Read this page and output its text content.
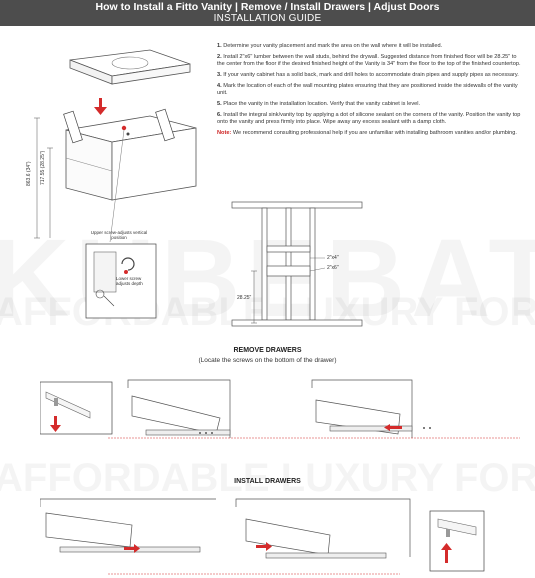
How to Install a Fitto Vanity | Remove / Install Drawers | Adjust Doors
INSTALLATION GUIDE
863.6 (34") 717.55 (28.25")
Upper screw-adjusts vertical position
Lower screw adjusts depth

1. Determine your vanity placement and mark the area on the wall where it will be installed.

2. Install 2"x6" lumber between the wall studs, behind the drywall. Suggested distance from finished floor will be 28.25" to the center from the floor if the desired finished height of the Vanity is 34" from the floor to the top of the finished countertop.

3. If your vanity cabinet has a solid back, mark and drill holes to accommodate drain pipes and supply pipes as necessary.

4. Mark the location of each of the wall mounting plates ensuring that they are positioned inside the sidewalls of the vanity unit.

5. Place the vanity in the installation location. Verify that the vanity cabinet is level.

6. Install the integral sink/vanity top by applying a dot of silicone sealant on the corners of the vanity. Position the vanity top onto the vanity and press firmly into place. Wipe away any excess sealant with a damp cloth.

Note: We recommend consulting professional help if you are unfamiliar with installing bathroom vanities and/or plumbing.

2"x4"
2"x6"
28.25"
REMOVE DRAWERS
(Locate the screws on the bottom of the drawer)
INSTALL DRAWERS
